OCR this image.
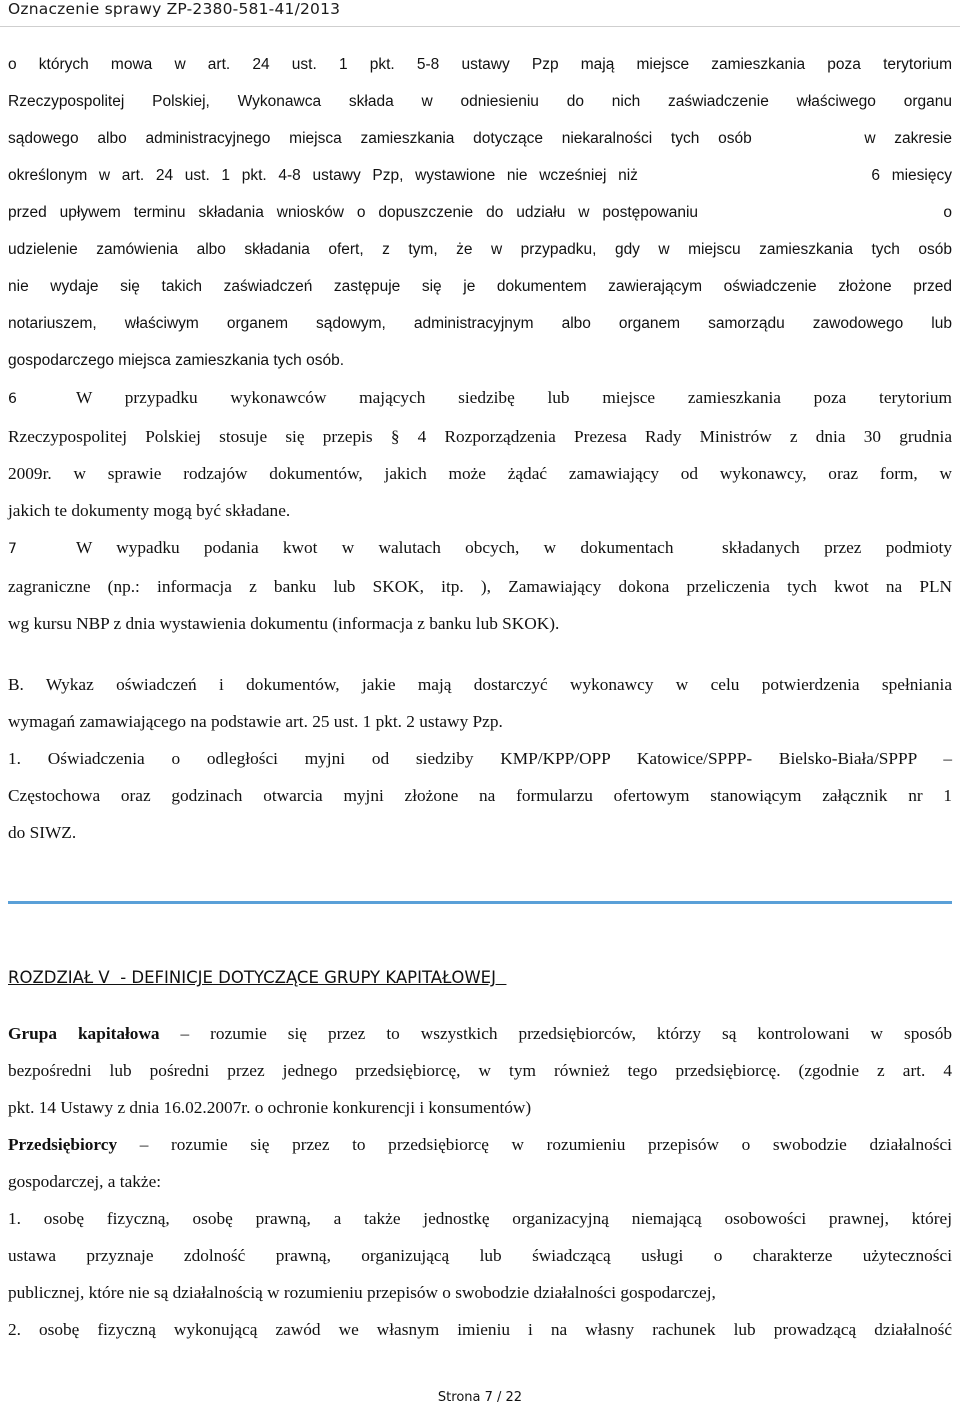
Oznaczenie sprawy ZP-2380-581-41/2013

o których mowa w art. 24 ust. 1 pkt. 5-8 ustawy Pzp mają miejsce zamieszkania poza terytorium

Rzeczypospolitej Polskiej, Wykonawca składa w odniesieniu do nich zaświadczenie właściwego organu

sądowego albo administracyjnego miejsca zamieszkania dotyczące niekaralności tych osób      w zakresie

określonym w art. 24 ust. 1 pkt. 4-8 ustawy Pzp, wystawione nie wcześniej niż                    6 miesięcy

przed upływem terminu składania wniosków o dopuszczenie do udziału w postępowaniu                   o

udzielenie zamówienia albo składania ofert, z tym, że w przypadku, gdy w miejscu zamieszkania tych osób

nie wydaje się takich zaświadczeń zastępuje się je dokumentem zawierającym oświadczenie złożone przed

notariuszem, właściwym organem sądowym, administracyjnym albo organem samorządu zawodowego lub

gospodarczego miejsca zamieszkania tych osób.

6	W przypadku wykonawców mających siedzibę lub miejsce zamieszkania poza terytorium

Rzeczypospolitej Polskiej stosuje się przepis § 4 Rozporządzenia Prezesa Rady Ministrów z dnia 30 grudnia

2009r. w sprawie rodzajów dokumentów, jakich może żądać zamawiający od wykonawcy, oraz form, w

jakich te dokumenty mogą być składane.

7	W wypadku podania kwot w walutach obcych, w dokumentach  składanych przez podmioty

zagraniczne (np.: informacja z banku lub SKOK, itp. ), Zamawiający dokona przeliczenia tych kwot na PLN

wg kursu NBP z dnia wystawienia dokumentu (informacja z banku lub SKOK).

B. Wykaz oświadczeń i dokumentów, jakie mają dostarczyć wykonawcy w celu potwierdzenia spełniania

wymagań zamawiającego na podstawie art. 25 ust. 1 pkt. 2 ustawy Pzp.

1. Oświadczenia o odległości myjni od siedziby KMP/KPP/OPP Katowice/SPPP- Bielsko-Biała/SPPP –

Częstochowa oraz godzinach otwarcia myjni złożone na formularzu ofertowym stanowiącym załącznik nr 1

do SIWZ.

ROZDZIAŁ V  - DEFINICJE DOTYCZĄCE GRUPY KAPITAŁOWEJ

Grupa kapitałowa – rozumie się przez to wszystkich przedsiębiorców, którzy są kontrolowani w sposób

bezpośredni lub pośredni przez jednego przedsiębiorcę, w tym również tego przedsiębiorcę. (zgodnie z art. 4

pkt. 14 Ustawy z dnia 16.02.2007r. o ochronie konkurencji i konsumentów)

Przedsiębiorcy – rozumie się przez to przedsiębiorcę w rozumieniu przepisów o swobodzie działalności

gospodarczej, a także:

1. osobę fizyczną, osobę prawną, a także jednostkę organizacyjną niemającą osobowości prawnej, której

ustawa przyznaje zdolność prawną, organizującą lub świadczącą usługi o charakterze użyteczności

publicznej, które nie są działalnością w rozumieniu przepisów o swobodzie działalności gospodarczej,

2. osobę fizyczną wykonującą zawód we własnym imieniu i na własny rachunek lub prowadzącą działalność

Strona 7 / 22
